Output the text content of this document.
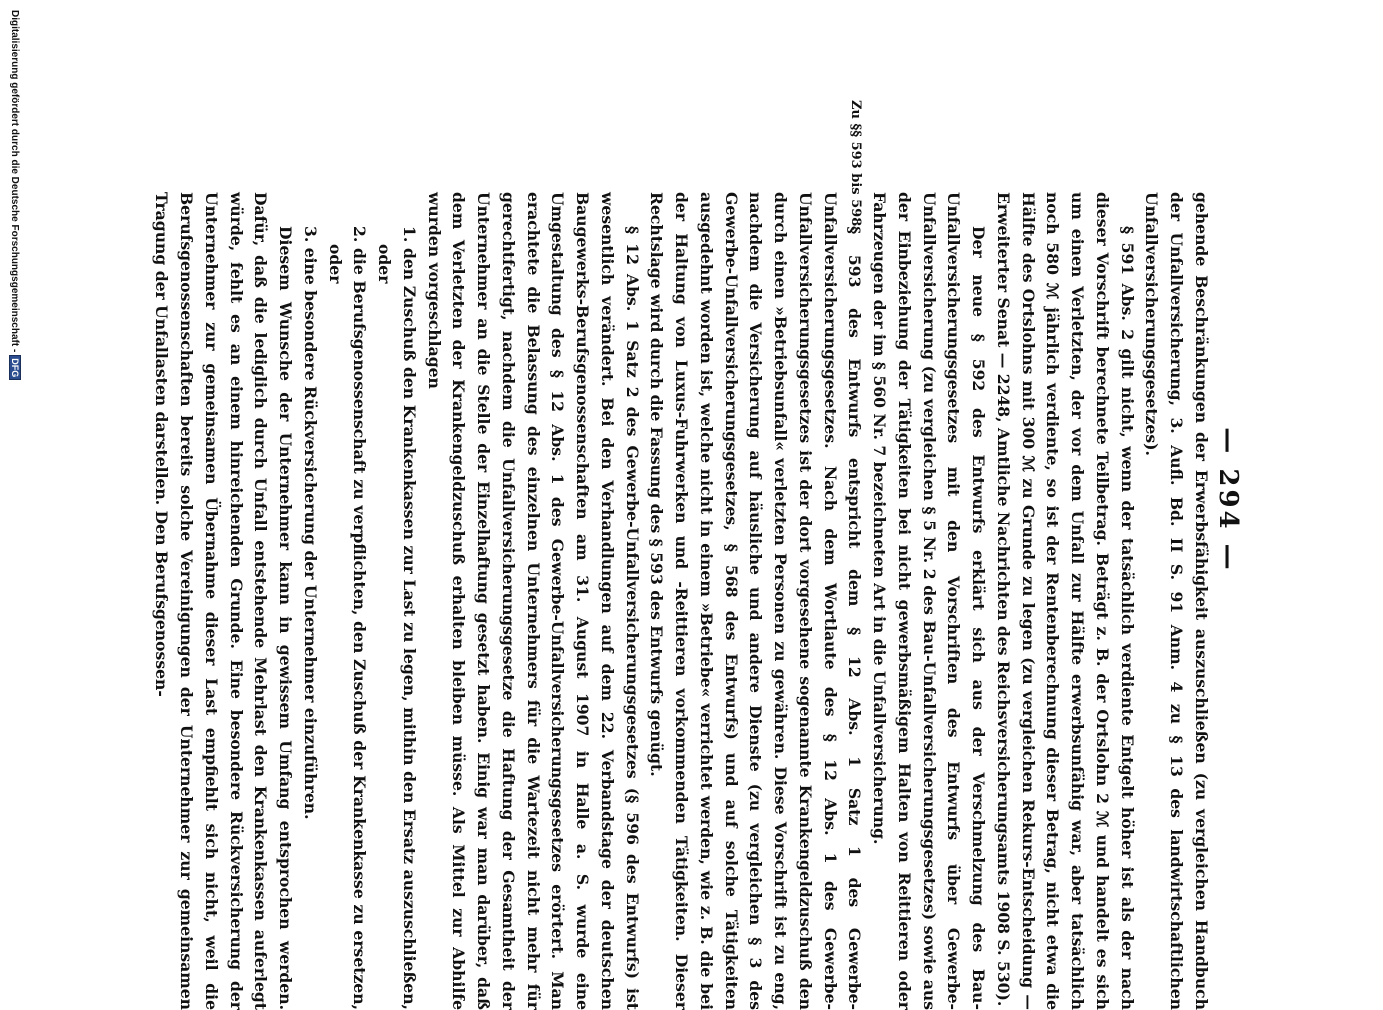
— 294 —
Zu §§ 593 bis 598.

gehende Beschränkungen der Erwerbsfähigkeit auszuschließen (zu vergleichen Handbuch der Unfallversicherung, 3. Aufl. Bd. II S. 91 Anm. 4 zu § 13 des landwirtschaftlichen Unfallversicherungsgesetzes).

§ 591 Abs. 2 gilt nicht, wenn der tatsächlich verdiente Entgelt höher ist als der nach dieser Vorschrift berechnete Teilbetrag. Beträgt z. B. der Ortslohn 2 ℳ und handelt es sich um einen Verletzten, der vor dem Unfall zur Hälfte erwerbsunfähig war, aber tatsächlich noch 580 ℳ jährlich verdiente, so ist der Rentenberechnung dieser Betrag, nicht etwa die Hälfte des Ortslohns mit 300 ℳ zu Grunde zu legen (zu vergleichen Rekurs-Entscheidung — Erweiterter Senat — 2248, Amtliche Nachrichten des Reichsversicherungsamts 1908 S. 530).

Der neue § 592 des Entwurfs erklärt sich aus der Verschmelzung des Bau-Unfallversicherungsgesetzes mit den Vorschriften des Entwurfs über Gewerbe-Unfallversicherung (zu vergleichen § 5 Nr. 2 des Bau-Unfallversicherungsgesetzes) sowie aus der Einbeziehung der Tätigkeiten bei nicht gewerbsmäßigem Halten von Reittieren oder Fahrzeugen der im § 560 Nr. 7 bezeichneten Art in die Unfallversicherung.

§ 593 des Entwurfs entspricht dem § 12 Abs. 1 Satz 1 des Gewerbe-Unfallversicherungsgesetzes. Nach dem Wortlaute des § 12 Abs. 1 des Gewerbe-Unfallversicherungsgesetzes ist der dort vorgesehene sogenannte Krankengeldzuschuß den durch einen »Betriebsunfall« verletzten Personen zu gewähren. Diese Vorschrift ist zu eng, nachdem die Versicherung auf häusliche und andere Dienste (zu vergleichen § 3 des Gewerbe-Unfallversicherungsgesetzes, § 568 des Entwurfs) und auf solche Tätigkeiten ausgedehnt worden ist, welche nicht in einem »Betriebe« verrichtet werden, wie z. B. die bei der Haltung von Luxus-Fuhrwerken und -Reittieren vorkommenden Tätigkeiten. Dieser Rechtslage wird durch die Fassung des § 593 des Entwurfs genügt.

§ 12 Abs. 1 Satz 2 des Gewerbe-Unfallversicherungsgesetzes (§ 596 des Entwurfs) ist wesentlich verändert. Bei den Verhandlungen auf dem 22. Verbandstage der deutschen Baugewerks-Berufsgenossenschaften am 31. August 1907 in Halle a. S. wurde eine Umgestaltung des § 12 Abs. 1 des Gewerbe-Unfallversicherungsgesetzes erörtert. Man erachtete die Belassung des einzelnen Unternehmers für die Wartezeit nicht mehr für gerechtfertigt, nachdem die Unfallversicherungsgesetze die Haftung der Gesamtheit der Unternehmer an die Stelle der Einzelhaftung gesetzt haben. Einig war man darüber, daß dem Verletzten der Krankengeldzuschuß erhalten bleiben müsse. Als Mittel zur Abhilfe wurden vorgeschlagen

1. den Zuschuß den Krankenkassen zur Last zu legen, mithin den Ersatz auszuschließen, oder

2. die Berufsgenossenschaft zu verpflichten, den Zuschuß der Krankenkasse zu ersetzen, oder

3. eine besondere Rückversicherung der Unternehmer einzuführen.

Diesem Wunsche der Unternehmer kann in gewissem Umfang entsprochen werden. Dafür, daß die lediglich durch Unfall entstehende Mehrlast den Krankenkassen auferlegt würde, fehlt es an einem hinreichenden Grunde. Eine besondere Rückversicherung der Unternehmer zur gemeinsamen Übernahme dieser Last empfiehlt sich nicht, weil die Berufsgenossenschaften bereits solche Vereinigungen der Unternehmer zur gemeinsamen Tragung der Unfallasten darstellen. Den Berufsgenossen-

Digitalisierung gefördert durch die Deutsche Forschungsgemeinschaft -DFG
